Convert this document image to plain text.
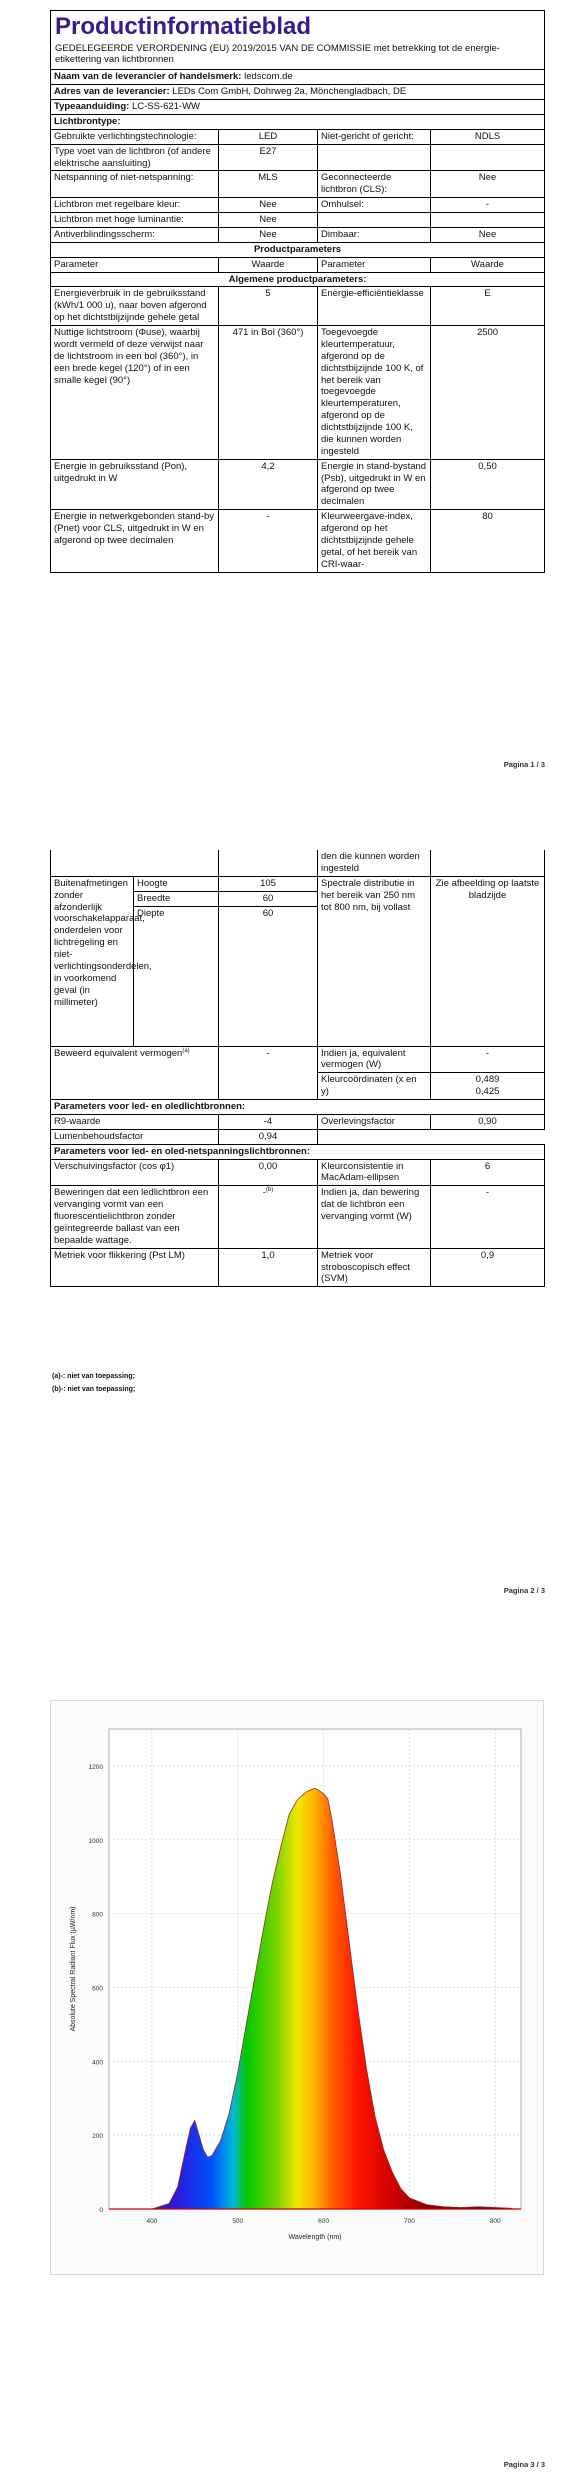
Productinformatieblad			
GEDELEGEERDE VERORDENING (EU) 2019/2015 VAN DE COMMISSIE met betrekking tot de energie-etikettering van lichtbronnen			
Naam van de leverancier of handelsmerk: ledscom.de			
Adres van de leverancier: LEDs Com GmbH, Dohrweg 2a, Mönchengladbach, DE			
Typeaanduiding: LC-SS-621-WW			
Lichtbrontype:			
Gebruikte verlichtingstechnologie:	LED	Niet-gericht of gericht:	NDLS
Type voet van de lichtbron (of andere elektrische aansluiting)	E27		
Netspanning of niet-netspanning:	MLS	Geconnecteerde lichtbron (CLS):	Nee
Lichtbron met regelbare kleur:	Nee	Omhulsel:	-
Lichtbron met hoge luminantie:	Nee		
Antiverblindingsscherm:	Nee	Dimbaar:	Nee
Productparameters			
Parameter	Waarde	Parameter	Waarde
Algemene productparameters:			
Energieverbruik in de gebruiksstand (kWh/1 000 u), naar boven afgerond op het dichtstbijzijnde gehele getal	5	Energie-efficiëntieklasse	E
Nuttige lichtstroom (Φuse), waarbij wordt vermeld of deze verwijst naar de lichtstroom in een bol (360°), in een brede kegel (120°) of in een smalle kegel (90°)	471 in Bol (360°)	Toegevoegde kleurtemperatuur, afgerond op de dichtstbijzijnde 100 K, of het bereik van toegevoegde kleurtemperaturen, afgerond op de dichtstbijzijnde 100 K, die kunnen worden ingesteld	2500
Energie in gebruiksstand (Pon), uitgedrukt in W	4,2	Energie in stand-bystand (Psb), uitgedrukt in W en afgerond op twee decimalen	0,50
Energie in netwerkgebonden stand-by (Pnet) voor CLS, uitgedrukt in W en afgerond op twee decimalen	-	Kleurweergave-index, afgerond op het dichtstbijzijnde gehele getal, of het bereik van CRI-waar-	80
Pagina 1 / 3
			den die kunnen worden ingesteld	
Buitenafmetingen zonder afzonderlijk voorschakelapparaat, onderdelen voor lichtregeling en niet-verlichtingsonderdelen, in voorkomend geval (in millimeter)	Hoogte	105	Spectrale distributie in het bereik van 250 nm tot 800 nm, bij vollast	Zie afbeelding op laatste bladzijde
	Breedte	60		
	Diepte	60		
Beweerd equivalent vermogen$^{(a)}$		-	Indien ja, equivalent vermogen (W)	-
			Kleurcoördinaten (x en y)	0,489
0,425

Parameters voor led- en oledlichtbronnen:				
R9-waarde		-4	Overlevingsfactor	0,90
Lumenbehoudsfactor		0,94		
Parameters voor led- en oled-netspanningslichtbronnen:				
Verschuivingsfactor (cos φ1)		0,00	Kleurconsistentie in MacAdam-ellipsen	6
Beweringen dat een ledlichtbron een vervanging vormt van een fluorescentielichtbron zonder geïntegreerde ballast van een bepaalde wattage.		-$^{(b)}$	Indien ja, dan bewering dat de lichtbron een vervanging vormt (W)	-
Metriek voor flikkering (Pst LM)		1,0	Metriek voor stroboscopisch effect (SVM)	0,9
(a)-: niet van toepassing;
(b)-: niet van toepassing;
Pagina 2 / 3
Pagina 3 / 3
0
200
400
600
800
1000
1200
400	500	600	700	800
Wavelength (nm)
Absolute Spectral Radiant Flux (µW/nm)
